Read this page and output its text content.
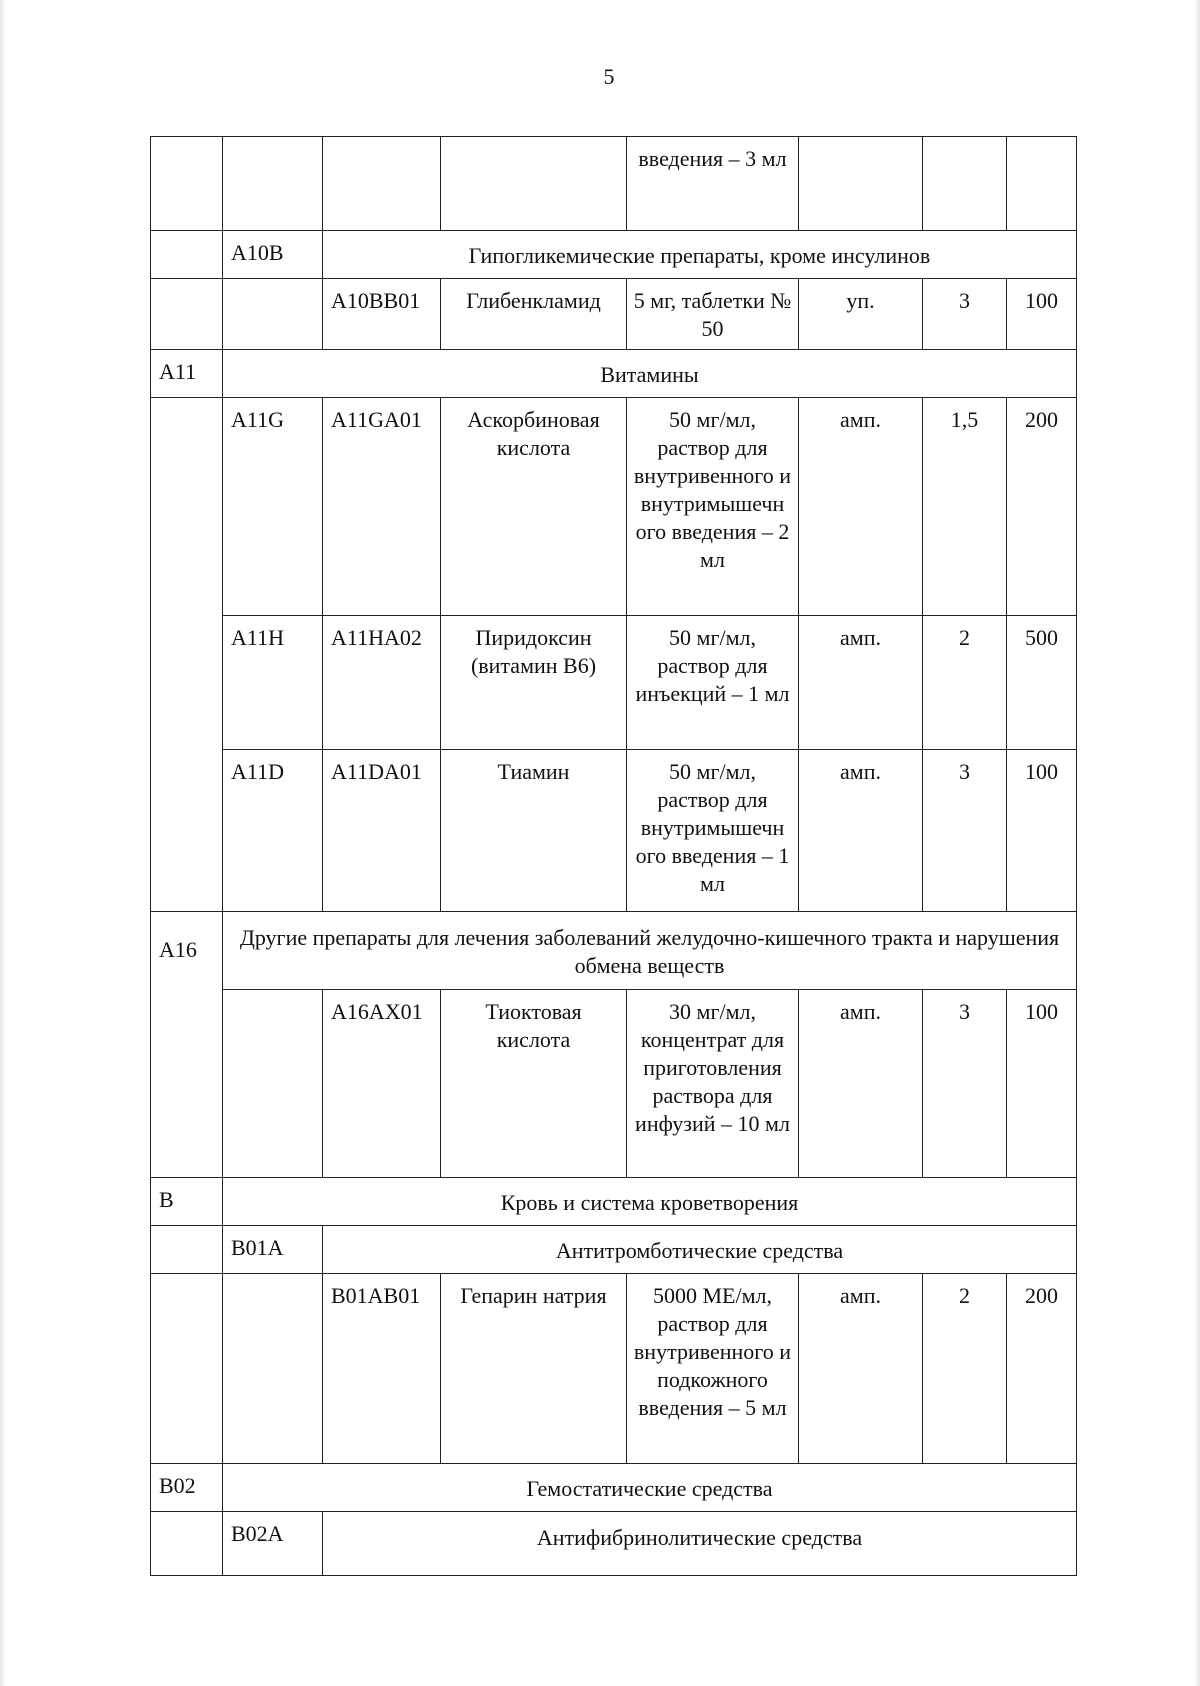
5
				введения – 3 мл			
	A10B	Гипогликемические препараты, кроме инсулинов					
		A10BB01	Глибенкламид	5 мг, таблетки № 50	уп.	3	100
A11	Витамины						
	A11G	A11GA01	Аскорбиновая кислота	50 мг/мл, раствор для внутривенного и внутримышечн ого введения – 2 мл	амп.	1,5	200
	A11H	A11HA02	Пиридоксин (витамин В6)	50 мг/мл, раствор для инъекций – 1 мл	амп.	2	500
	A11D	A11DA01	Тиамин	50 мг/мл, раствор для внутримышечн ого введения – 1 мл	амп.	3	100
A16	Другие препараты для лечения заболеваний желудочно-кишечного тракта и нарушения обмена веществ						
		A16AX01	Тиоктовая кислота	30 мг/мл, концентрат для приготовления раствора для инфузий – 10 мл	амп.	3	100
B	Кровь и система кроветворения						
	B01A	Антитромботические средства					
		B01AB01	Гепарин натрия	5000 МЕ/мл, раствор для внутривенного и подкожного введения – 5 мл	амп.	2	200
B02	Гемостатические средства						
	B02A	Антифибринолитические средства					
